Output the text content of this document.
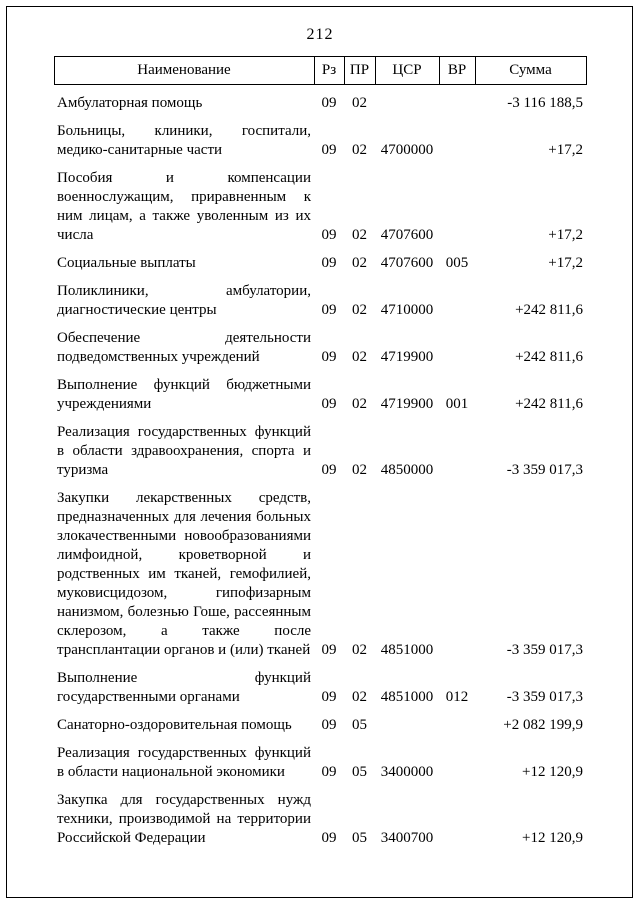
212
Наименование	Рз	ПР	ЦСР	ВР	Сумма
Амбулаторная помощь	09	02			-3 116 188,5
Больницы, клиники, госпитали, медико-санитарные части	09	02	4700000		+17,2
Пособия и компенсации военнослужащим, приравненным к ним лицам, а также уволенным из их числа	09	02	4707600		+17,2
Социальные выплаты	09	02	4707600	005	+17,2
Поликлиники, амбулатории, диагностические центры	09	02	4710000		+242 811,6
Обеспечение деятельности подведомственных учреждений	09	02	4719900		+242 811,6
Выполнение функций бюджетными учреждениями	09	02	4719900	001	+242 811,6
Реализация государственных функций в области здравоохранения, спорта и туризма	09	02	4850000		-3 359 017,3
Закупки лекарственных средств, предназначенных для лечения больных злокачественными новообразованиями лимфоидной, кроветворной и родственных им тканей, гемофилией, муковисцидозом, гипофизарным нанизмом, болезнью Гоше, рассеянным склерозом, а также после трансплантации органов и (или) тканей	09	02	4851000		-3 359 017,3
Выполнение функций государственными органами	09	02	4851000	012	-3 359 017,3
Санаторно-оздоровительная помощь	09	05			+2 082 199,9
Реализация государственных функций в области национальной экономики	09	05	3400000		+12 120,9
Закупка для государственных нужд техники, производимой на территории Российской Федерации	09	05	3400700		+12 120,9
